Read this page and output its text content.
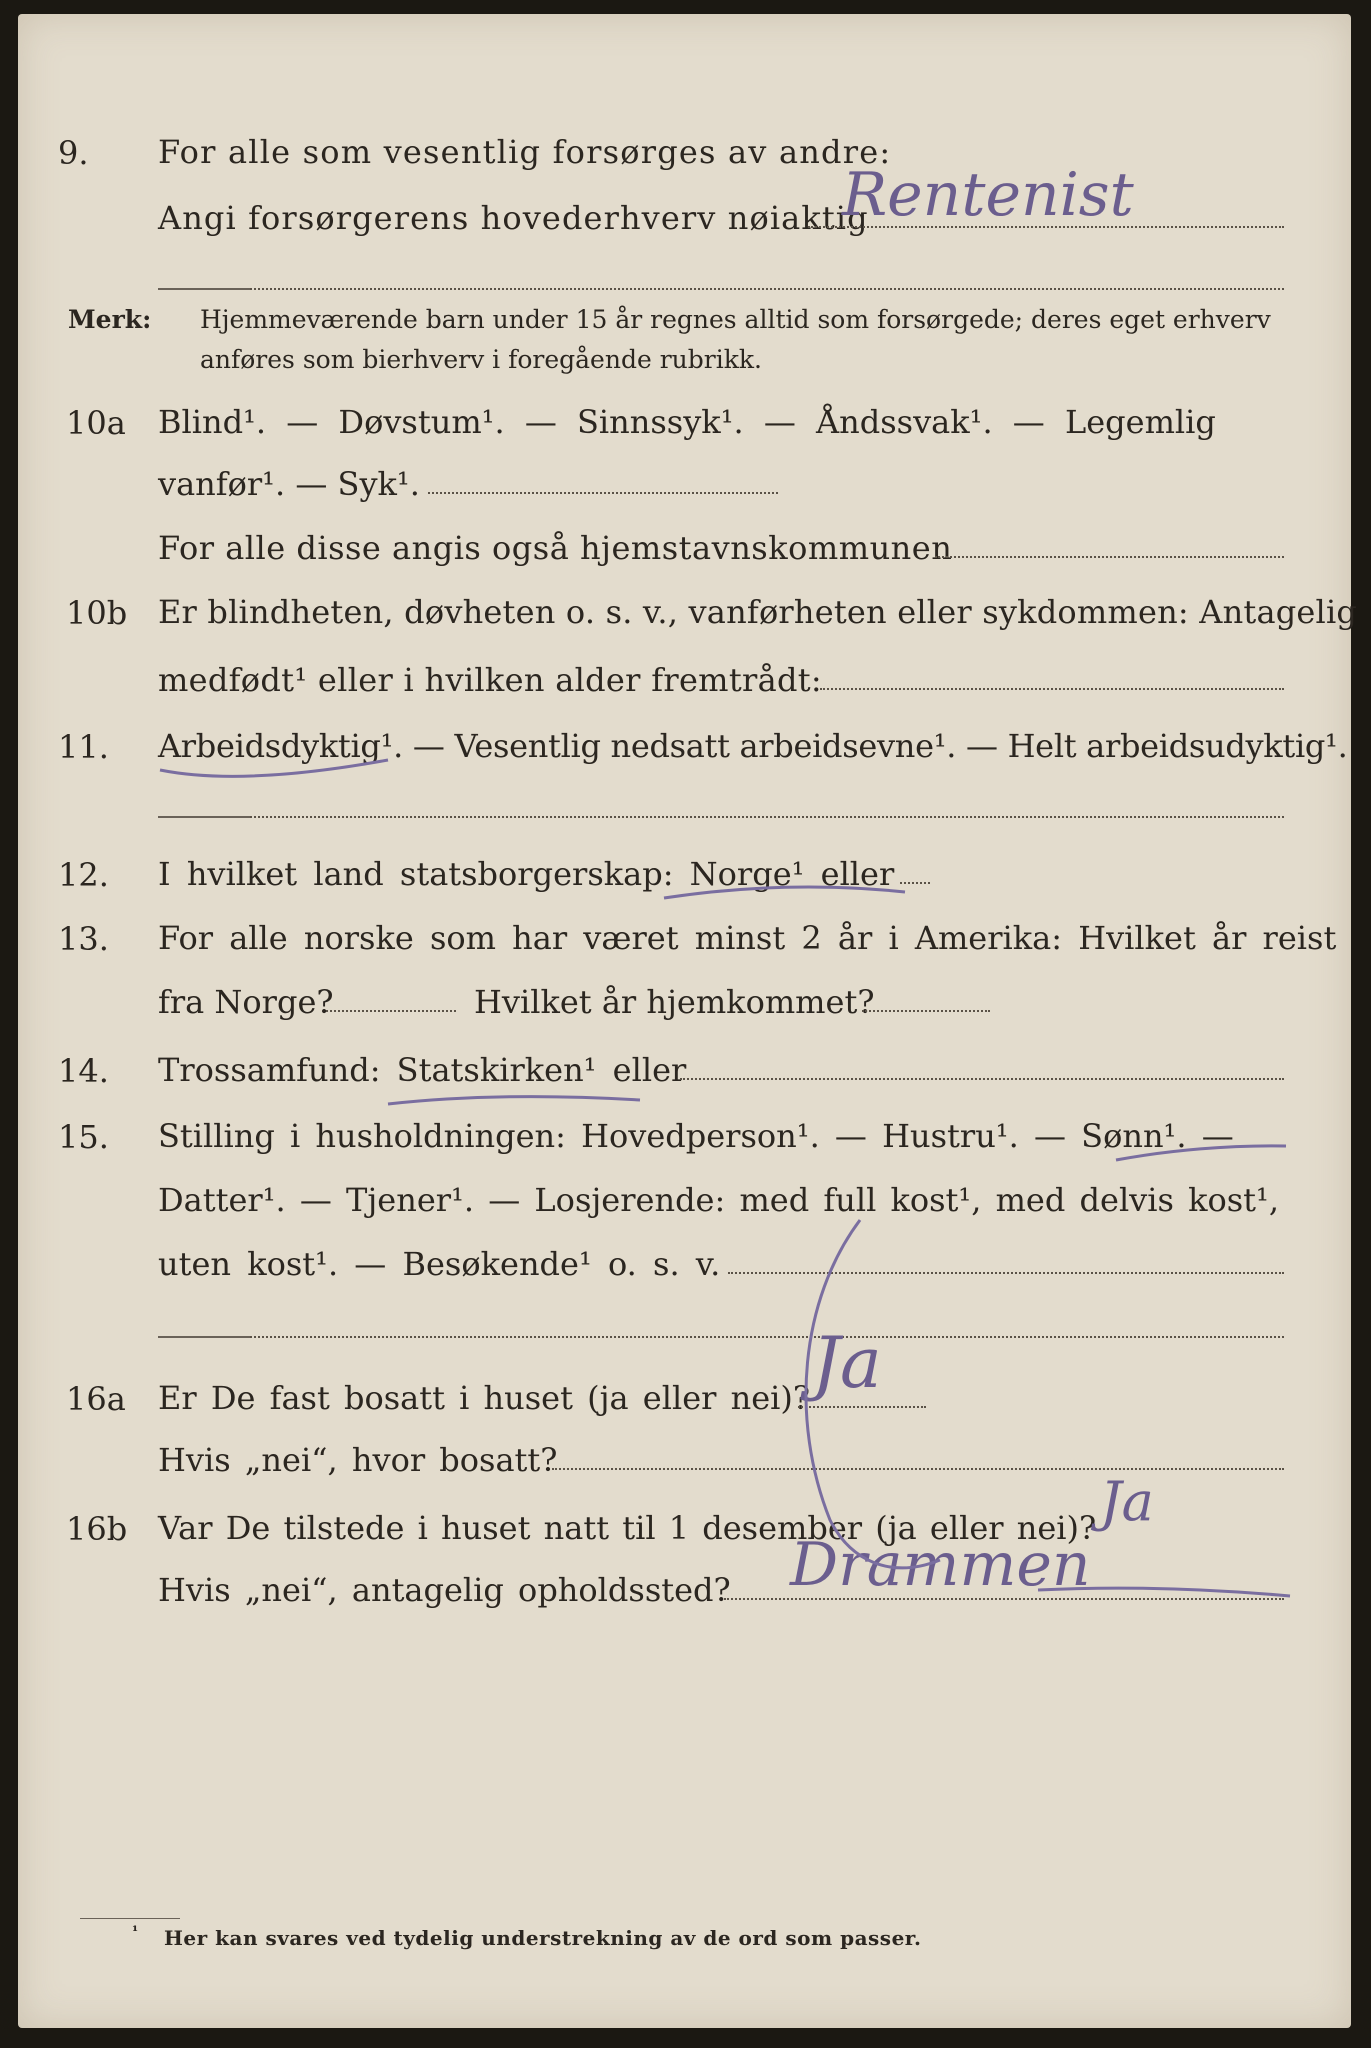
9. For alle som vesentlig forsørges av andre:
Angi forsørgerens hovederhverv nøiaktig
Rentenist
Merk: Hjemmeværende barn under 15 år regnes alltid som forsørgede; deres eget erhverv
anføres som bierhverv i foregående rubrikk.
10a Blind¹. — Døvstum¹. — Sinnssyk¹. — Åndssvak¹. — Legemlig
vanfør¹. — Syk¹.
For alle disse angis også hjemstavnskommunen
10b Er blindheten, døvheten o. s. v., vanførheten eller sykdommen: Antagelig
medfødt¹ eller i hvilken alder fremtrådt:
11. Arbeidsdyktig¹. — Vesentlig nedsatt arbeidsevne¹. — Helt arbeidsudyktig¹.
12. I hvilket land statsborgerskap: Norge¹ eller
13. For alle norske som har været minst 2 år i Amerika: Hvilket år reist
fra Norge?	Hvilket år hjemkommet?
14. Trossamfund: Statskirken¹ eller
15. Stilling i husholdningen: Hovedperson¹. — Hustru¹. — Sønn¹. —
Datter¹. — Tjener¹. — Losjerende: med full kost¹, med delvis kost¹,
uten kost¹. — Besøkende¹ o. s. v.
16a Er De fast bosatt i huset (ja eller nei)? Ja
Hvis „nei“, hvor bosatt?
16b Var De tilstede i huset natt til 1 desember (ja eller nei)? Ja
Hvis „nei“, antagelig opholdssted? Drammen
¹ Her kan svares ved tydelig understrekning av de ord som passer.
